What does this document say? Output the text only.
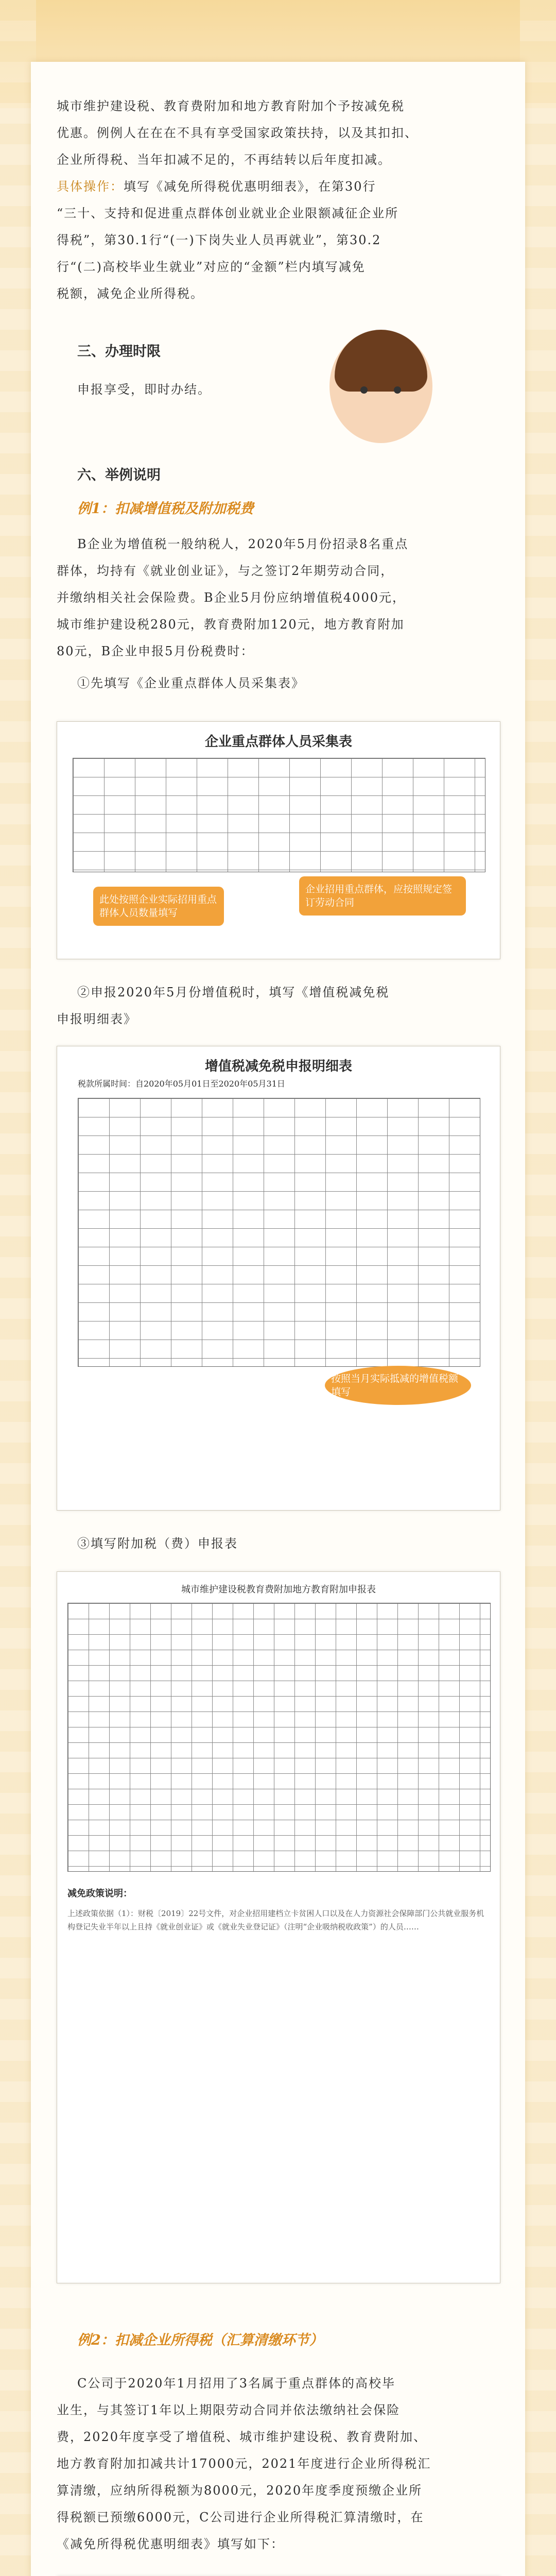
城市维护建设税、教育费附加和地方教育附加个予按减免税

优惠。例例人在在在不具有享受国家政策扶持，以及其扣扣、

企业所得税、当年扣减不足的，不再结转以后年度扣减。

具体操作：填写《减免所得税优惠明细表》，在第30行

“三十、支持和促进重点群体创业就业企业限额减征企业所

得税”，第30.1行“(一)下岗失业人员再就业”，第30.2

行“(二)高校毕业生就业”对应的“金额”栏内填写减免

税额，减免企业所得税。

三、办理时限

申报享受，即时办结。

六、举例说明
例1：扣减增值税及附加税费

B企业为增值税一般纳税人，2020年5月份招录8名重点

群体，均持有《就业创业证》，与之签订2年期劳动合同，

并缴纳相关社会保险费。B企业5月份应纳增值税4000元，

城市维护建设税280元，教育费附加120元，地方教育附加

80元，B企业申报5月份税费时：

①先填写《企业重点群体人员采集表》

企业重点群体人员采集表
此处按照企业实际招用重点群体人员数量填写
企业招用重点群体，应按照规定签订劳动合同

②申报2020年5月份增值税时，填写《增值税减免税

申报明细表》

增值税减免税申报明细表
税款所属时间：自2020年05月01日至2020年05月31日
按照当月实际抵减的增值税额填写

③填写附加税（费）申报表

城市维护建设税教育费附加地方教育附加申报表
减免政策说明：
上述政策依据（1）：财税〔2019〕22号文件，对企业招用建档立卡贫困人口以及在人力资源社会保障部门公共就业服务机构登记失业半年以上且持《就业创业证》或《就业失业登记证》（注明“企业吸纳税收政策”）的人员……
例2：扣减企业所得税（汇算清缴环节）

C公司于2020年1月招用了3名属于重点群体的高校毕

业生，与其签订1年以上期限劳动合同并依法缴纳社会保险

费，2020年度享受了增值税、城市维护建设税、教育费附加、

地方教育附加扣减共计17000元，2021年度进行企业所得税汇

算清缴，应纳所得税额为8000元，2020年度季度预缴企业所

得税额已预缴6000元，C公司进行企业所得税汇算清缴时，在

《减免所得税优惠明细表》填写如下：
